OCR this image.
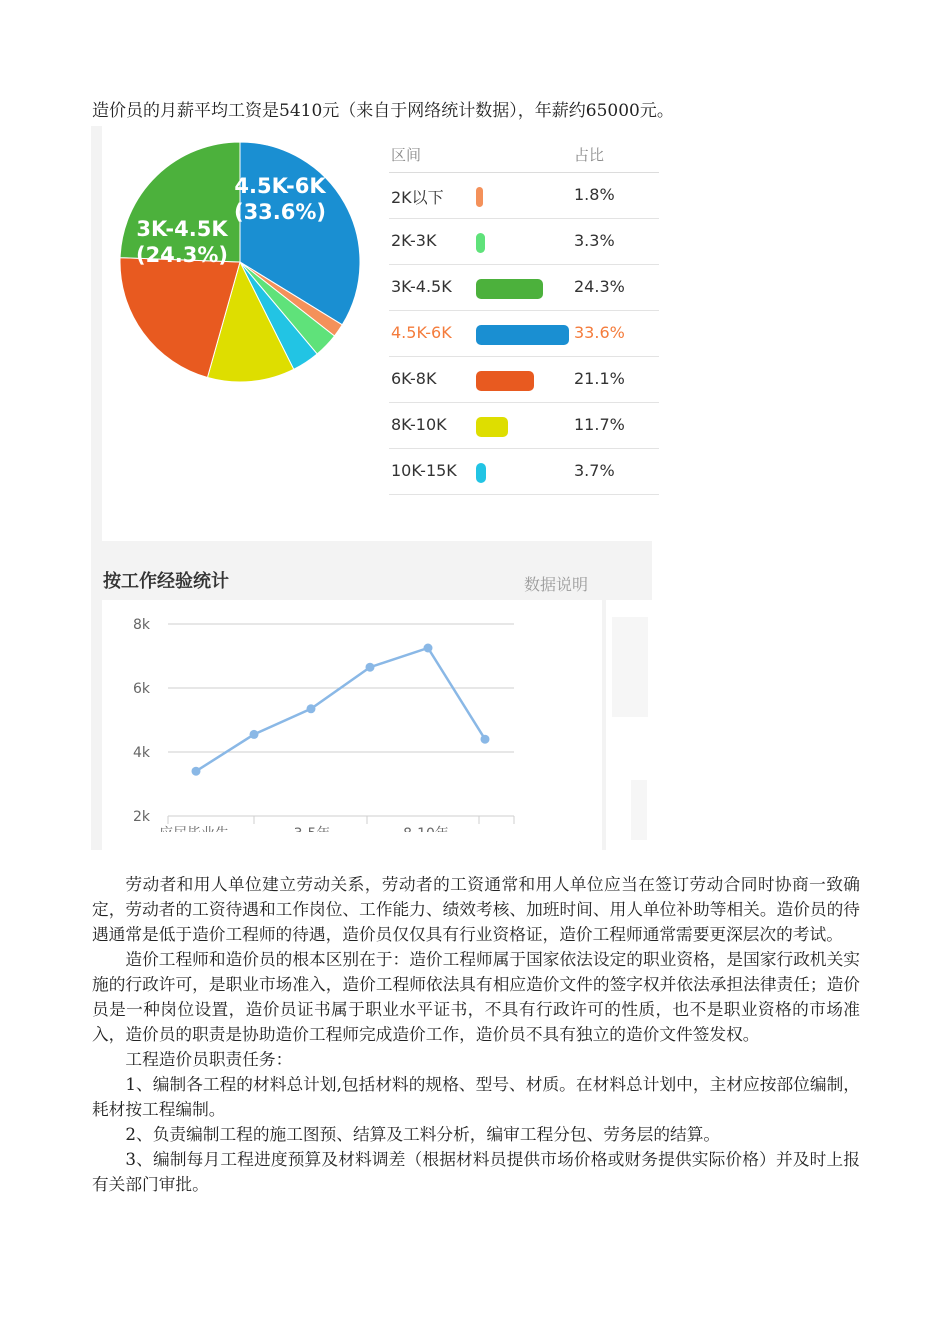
造价员的月薪平均工资是5410元（来自于网络统计数据），年薪约65000元。
4.5K-6K
(33.6%)
3K-4.5K
(24.3%)
区间	占比
2K以下	1.8%
2K-3K	3.3%
3K-4.5K	24.3%
4.5K-6K	33.6%
6K-8K	21.1%
8K-10K	11.7%
10K-15K	3.7%
按工作经验统计	数据说明
8k
6k
4k
2k

劳动者和用人单位建立劳动关系，劳动者的工资通常和用人单位应当在签订劳动合同时协商一致确定，劳动者的工资待遇和工作岗位、工作能力、绩效考核、加班时间、用人单位补助等相关。造价员的待遇通常是低于造价工程师的待遇，造价员仅仅具有行业资格证，造价工程师通常需要更深层次的考试。

造价工程师和造价员的根本区别在于：造价工程师属于国家依法设定的职业资格，是国家行政机关实施的行政许可，是职业市场准入，造价工程师依法具有相应造价文件的签字权并依法承担法律责任；造价员是一种岗位设置，造价员证书属于职业水平证书，不具有行政许可的性质，也不是职业资格的市场准入，造价员的职责是协助造价工程师完成造价工作，造价员不具有独立的造价文件签发权。

工程造价员职责任务：

1、编制各工程的材料总计划,包括材料的规格、型号、材质。在材料总计划中，主材应按部位编制，耗材按工程编制。

2、负责编制工程的施工图预、结算及工料分析，编审工程分包、劳务层的结算。

3、编制每月工程进度预算及材料调差（根据材料员提供市场价格或财务提供实际价格）并及时上报有关部门审批。
